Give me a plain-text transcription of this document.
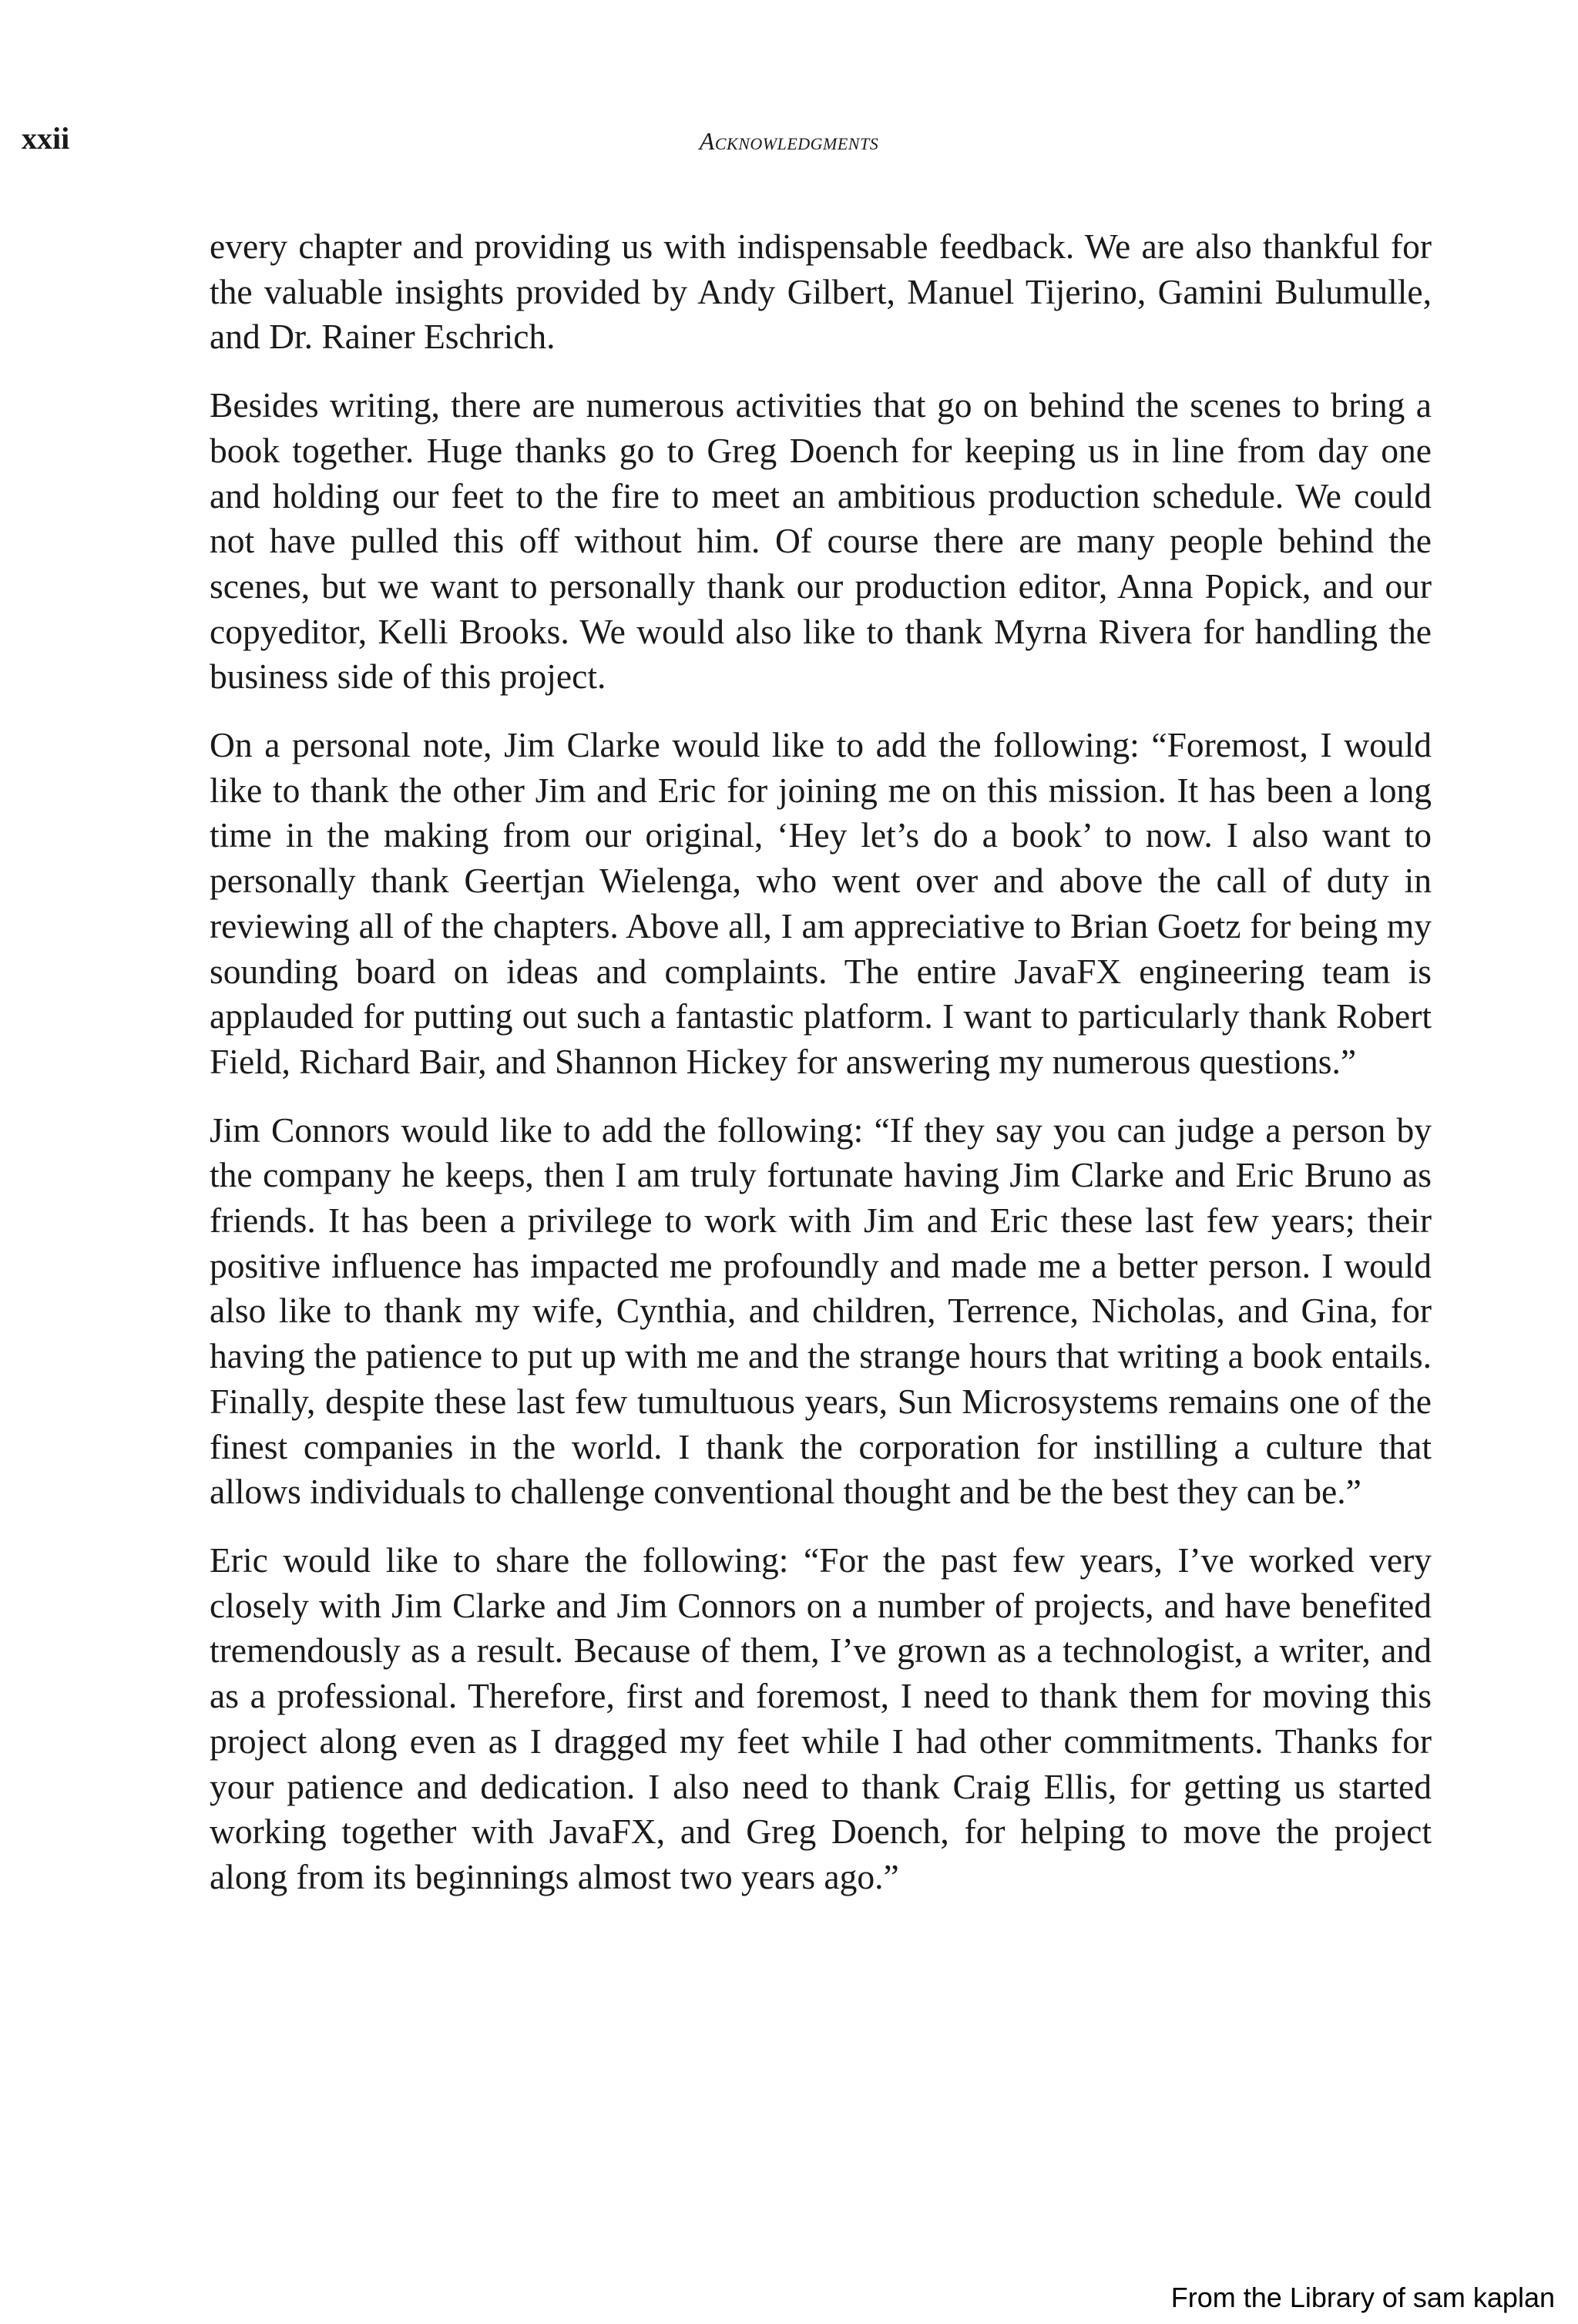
xxii	Acknowledgments

every chapter and providing us with indispensable feedback. We are also thankful for the valuable insights provided by Andy Gilbert, Manuel Tijerino, Gamini Bulumulle, and Dr. Rainer Eschrich.

Besides writing, there are numerous activities that go on behind the scenes to bring a book together. Huge thanks go to Greg Doench for keeping us in line from day one and holding our feet to the fire to meet an ambitious production schedule. We could not have pulled this off without him. Of course there are many people behind the scenes, but we want to personally thank our production editor, Anna Popick, and our copyeditor, Kelli Brooks. We would also like to thank Myrna Rivera for handling the business side of this project.

On a personal note, Jim Clarke would like to add the following: “Foremost, I would like to thank the other Jim and Eric for joining me on this mission. It has been a long time in the making from our original, ‘Hey let’s do a book’ to now. I also want to personally thank Geertjan Wielenga, who went over and above the call of duty in reviewing all of the chapters. Above all, I am appreciative to Brian Goetz for being my sounding board on ideas and complaints. The entire JavaFX engineering team is applauded for putting out such a fantastic platform. I want to particularly thank Robert Field, Richard Bair, and Shannon Hickey for answering my numerous questions.”

Jim Connors would like to add the following: “If they say you can judge a person by the company he keeps, then I am truly fortunate having Jim Clarke and Eric Bruno as friends. It has been a privilege to work with Jim and Eric these last few years; their positive influence has impacted me profoundly and made me a better person. I would also like to thank my wife, Cynthia, and children, Terrence, Nicholas, and Gina, for having the patience to put up with me and the strange hours that writing a book entails. Finally, despite these last few tumultuous years, Sun Microsystems remains one of the finest companies in the world. I thank the corporation for instilling a culture that allows individuals to challenge conventional thought and be the best they can be.”

Eric would like to share the following: “For the past few years, I’ve worked very closely with Jim Clarke and Jim Connors on a number of projects, and have benefited tremendously as a result. Because of them, I’ve grown as a technologist, a writer, and as a professional. Therefore, first and foremost, I need to thank them for moving this project along even as I dragged my feet while I had other commitments. Thanks for your patience and dedication. I also need to thank Craig Ellis, for getting us started working together with JavaFX, and Greg Doench, for helping to move the project along from its beginnings almost two years ago.”

From the Library of sam kaplan
